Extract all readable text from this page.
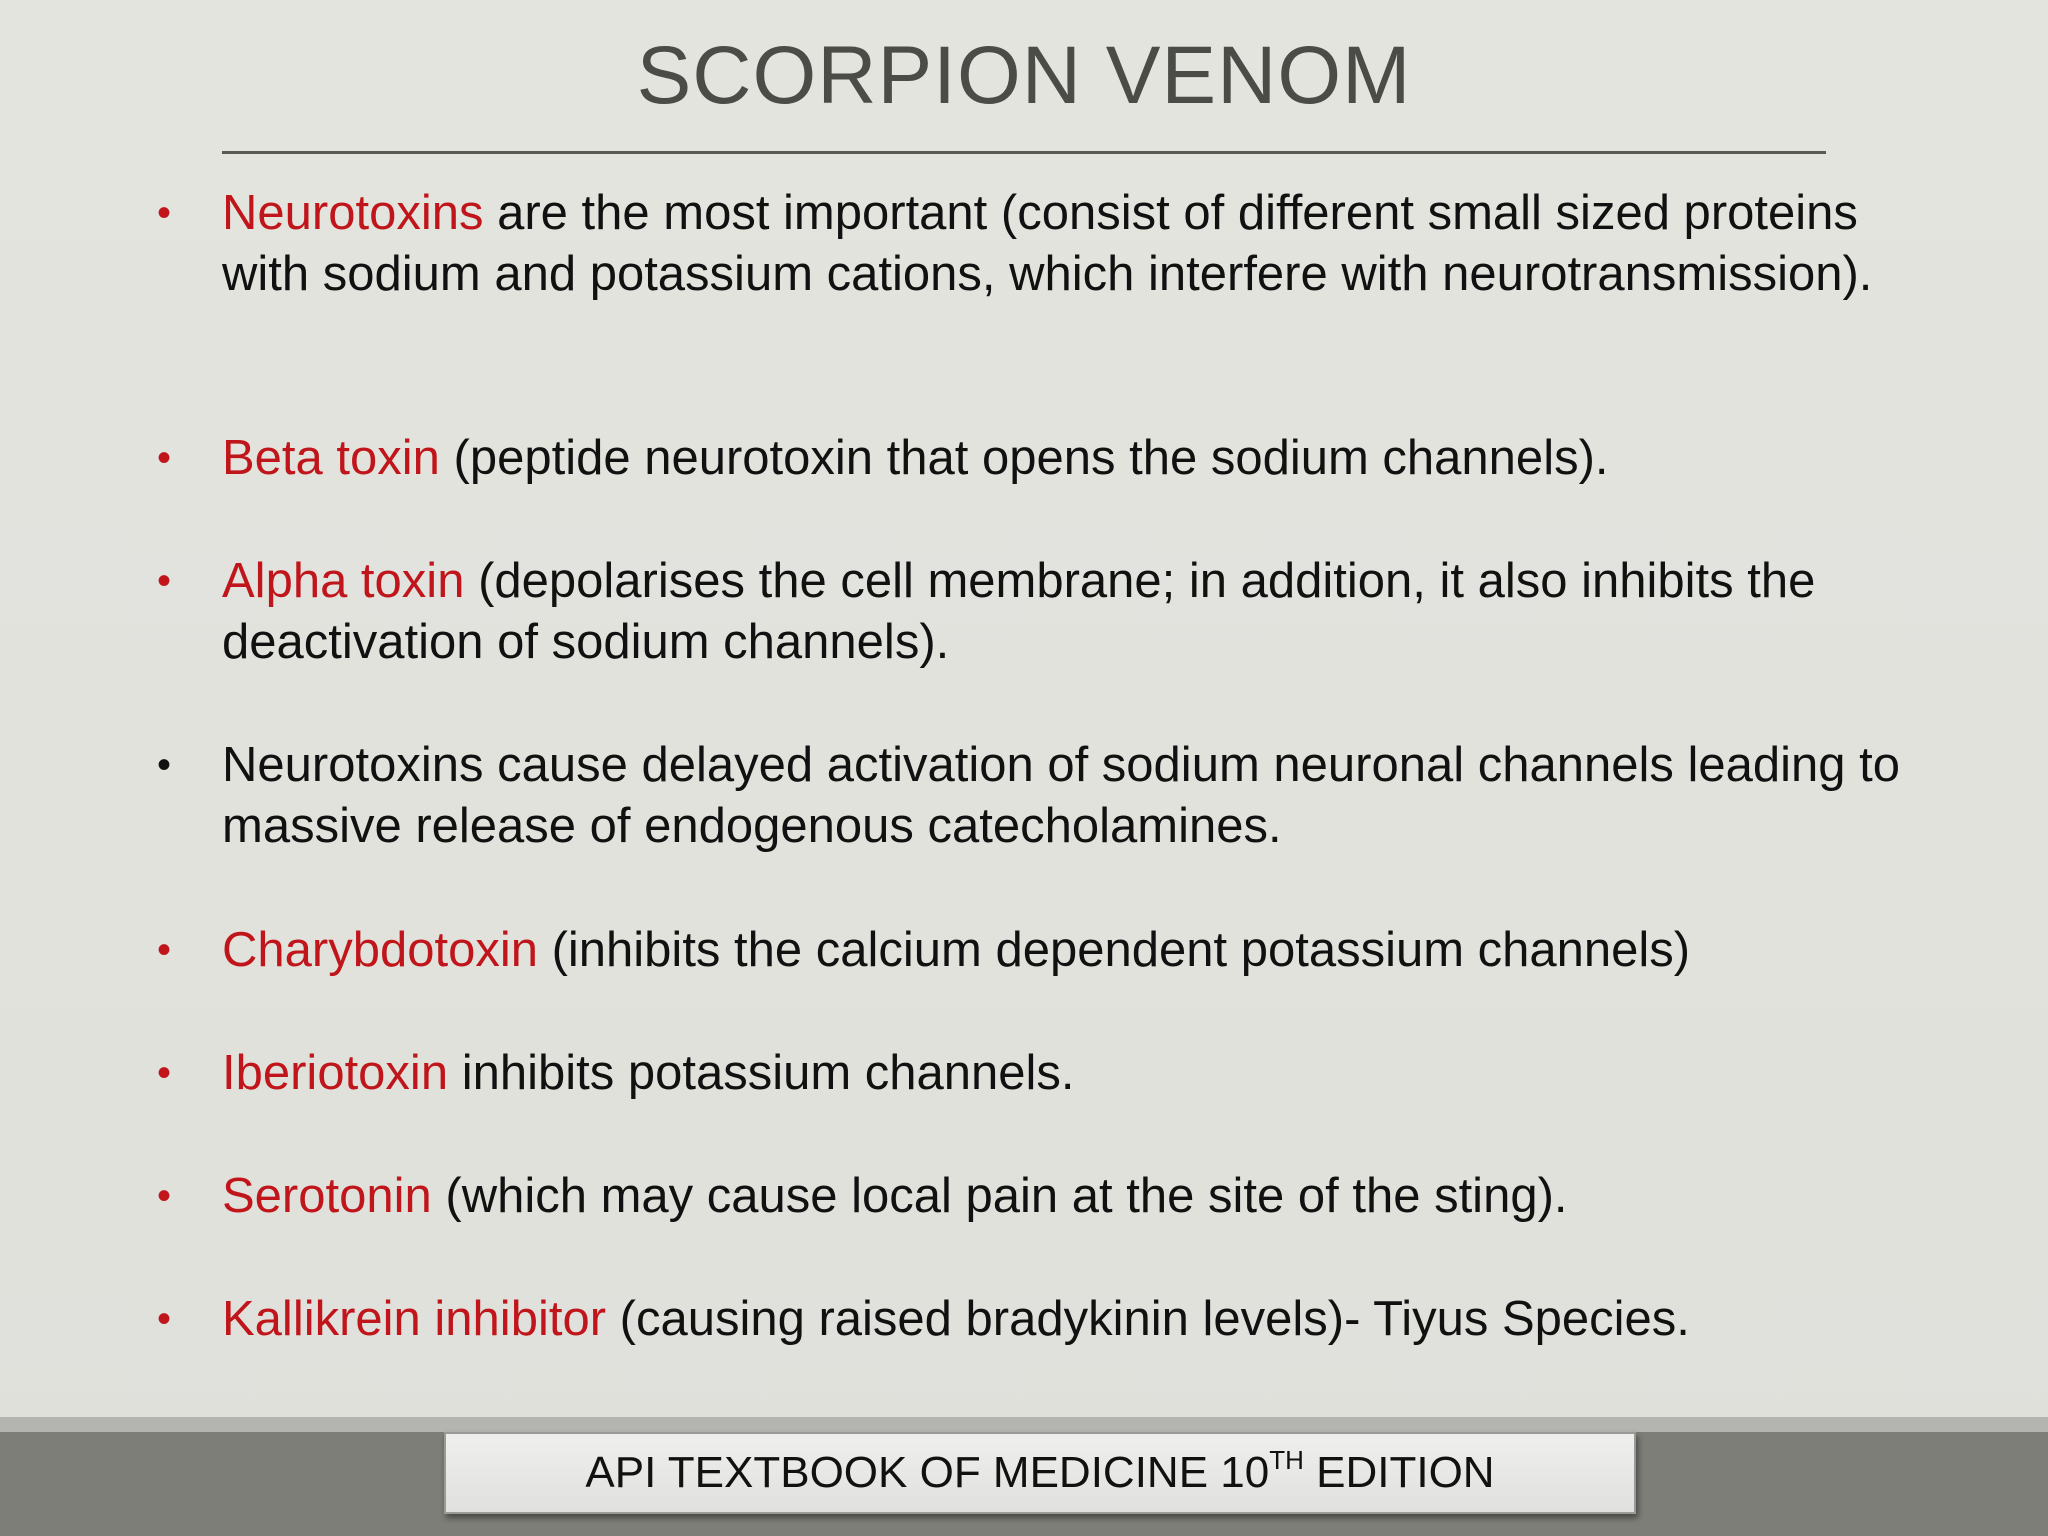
SCORPION VENOM
• Neurotoxins are the most important (consist of different small sized proteins with sodium and potassium cations, which interfere with neurotransmission).
• Beta toxin (peptide neurotoxin that opens the sodium channels).
• Alpha toxin (depolarises the cell membrane; in addition, it also inhibits the deactivation of sodium channels).
• Neurotoxins cause delayed activation of sodium neuronal channels leading to massive release of endogenous catecholamines.
• Charybdotoxin (inhibits the calcium dependent potassium channels)
• Iberiotoxin inhibits potassium channels.
• Serotonin (which may cause local pain at the site of the sting).
• Kallikrein inhibitor (causing raised bradykinin levels)- Tiyus Species.
API TEXTBOOK OF MEDICINE 10TH EDITION
